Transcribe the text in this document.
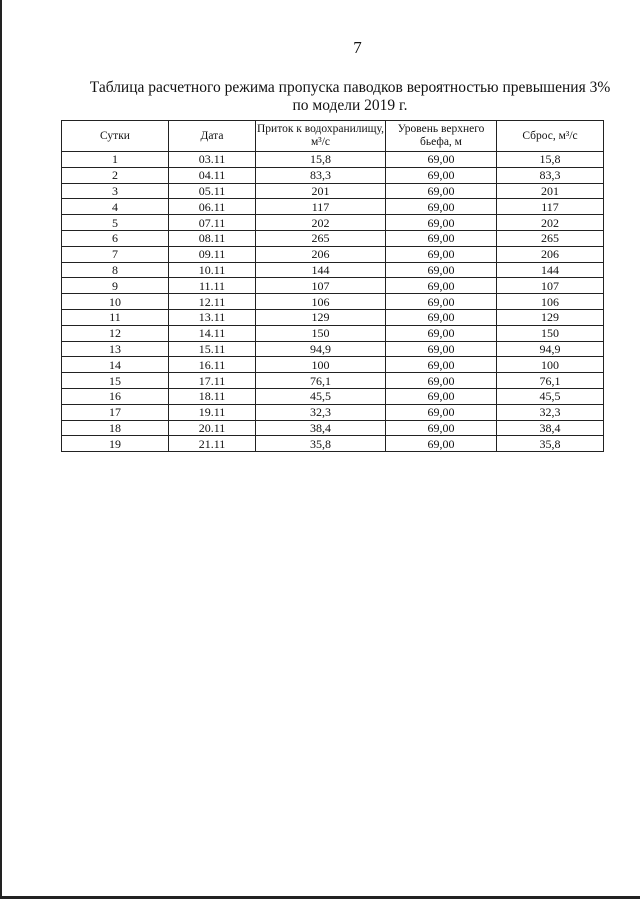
7
Таблица расчетного режима пропуска паводков вероятностью превышения 3%
по модели 2019 г.
Сутки	Дата	Приток к водохранилищу, м³/с	Уровень верхнего бьефа, м	Сброс, м³/с
1	03.11	15,8	69,00	15,8
2	04.11	83,3	69,00	83,3
3	05.11	201	69,00	201
4	06.11	117	69,00	117
5	07.11	202	69,00	202
6	08.11	265	69,00	265
7	09.11	206	69,00	206
8	10.11	144	69,00	144
9	11.11	107	69,00	107
10	12.11	106	69,00	106
11	13.11	129	69,00	129
12	14.11	150	69,00	150
13	15.11	94,9	69,00	94,9
14	16.11	100	69,00	100
15	17.11	76,1	69,00	76,1
16	18.11	45,5	69,00	45,5
17	19.11	32,3	69,00	32,3
18	20.11	38,4	69,00	38,4
19	21.11	35,8	69,00	35,8
